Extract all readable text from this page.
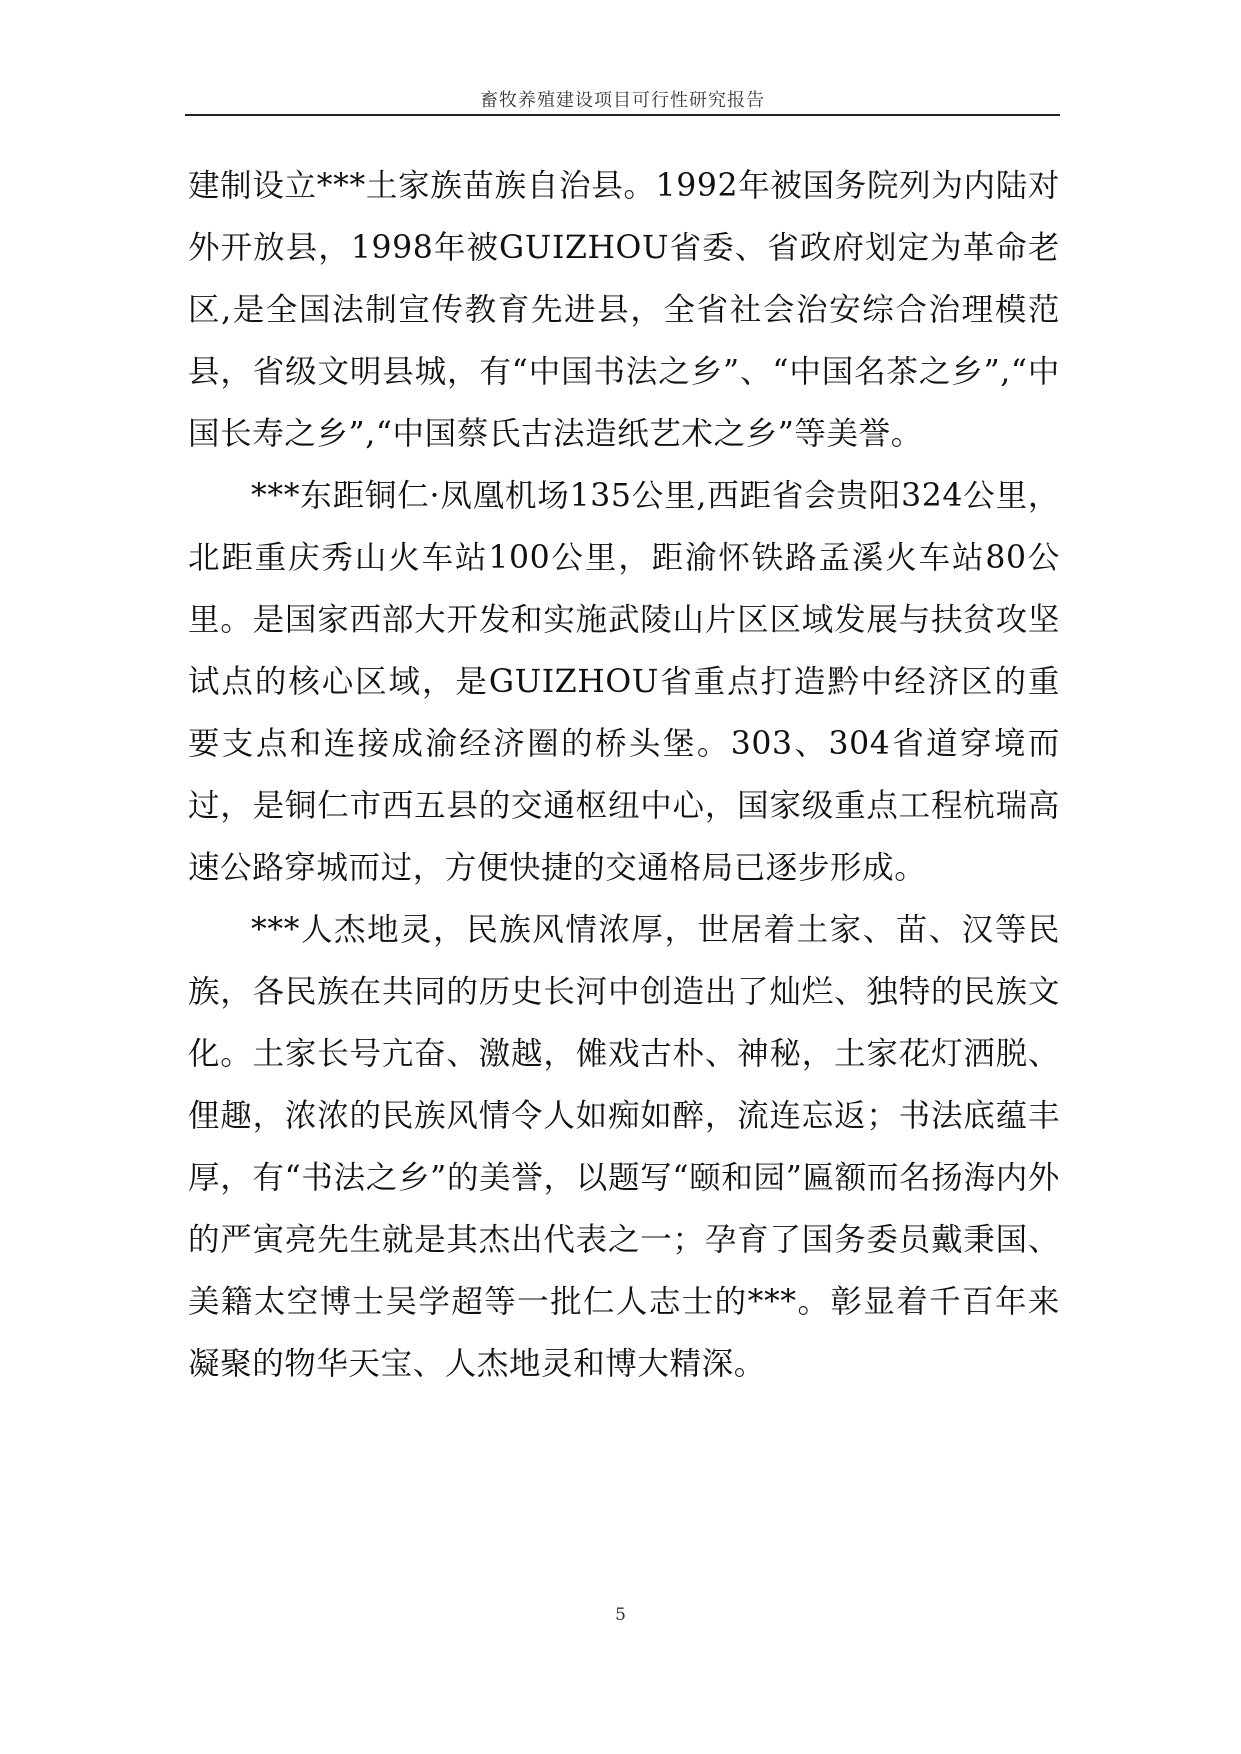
畜牧养殖建设项目可行性研究报告

建制设立***土家族苗族自治县。1992年被国务院列为内陆对外开放县，1998年被GUIZHOU省委、省政府划定为革命老区,是全国法制宣传教育先进县，全省社会治安综合治理模范县，省级文明县城，有“中国书法之乡”、“中国名茶之乡”,“中国长寿之乡”,“中国蔡氏古法造纸艺术之乡”等美誉。

***东距铜仁·凤凰机场135公里,西距省会贵阳324公里，北距重庆秀山火车站100公里，距渝怀铁路孟溪火车站80公里。是国家西部大开发和实施武陵山片区区域发展与扶贫攻坚试点的核心区域，是GUIZHOU省重点打造黔中经济区的重要支点和连接成渝经济圈的桥头堡。303、304省道穿境而过，是铜仁市西五县的交通枢纽中心，国家级重点工程杭瑞高速公路穿城而过，方便快捷的交通格局已逐步形成。

***人杰地灵，民族风情浓厚，世居着土家、苗、汉等民族，各民族在共同的历史长河中创造出了灿烂、独特的民族文化。土家长号亢奋、激越，傩戏古朴、神秘，土家花灯洒脱、俚趣，浓浓的民族风情令人如痴如醉，流连忘返；书法底蕴丰厚，有“书法之乡”的美誉，以题写“颐和园”匾额而名扬海内外的严寅亮先生就是其杰出代表之一；孕育了国务委员戴秉国、美籍太空博士吴学超等一批仁人志士的***。彰显着千百年来凝聚的物华天宝、人杰地灵和博大精深。

5
